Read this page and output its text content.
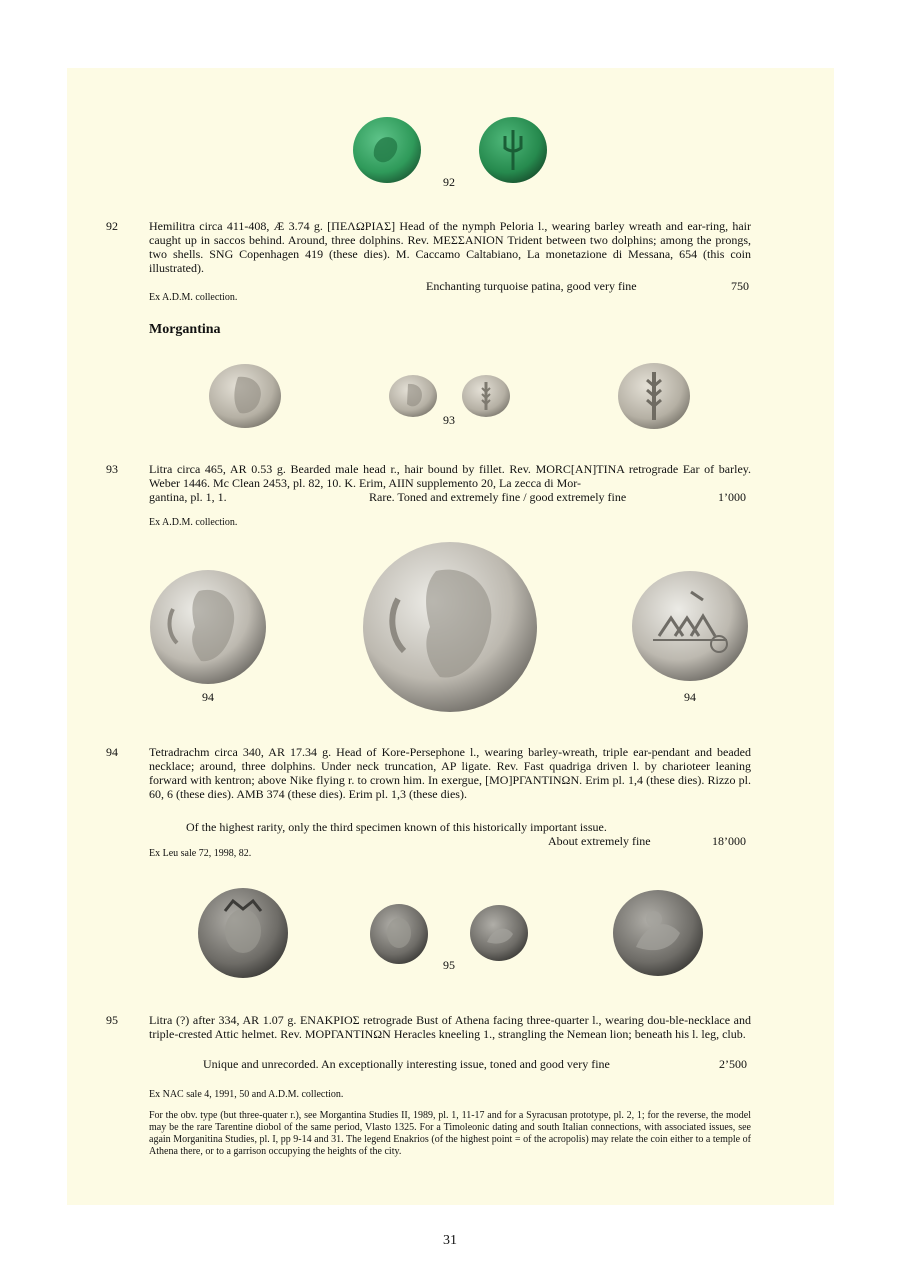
92
92	Hemilitra circa 411-408, Æ 3.74 g. [ΠΕΛΩΡΙΑΣ] Head of the nymph Peloria l., wearing barley wreath and ear-ring, hair caught up in saccos behind. Around, three dolphins. Rev. ΜΕΣΣΑΝΙΟΝ Trident between two dolphins; among the prongs, two shells. SNG Copenhagen 419 (these dies). M. Caccamo Caltabiano, La monetazione di Messana, 654 (this coin illustrated).
Enchanting turquoise patina, good very fine	750
Ex A.D.M. collection.
Morgantina
93
93	Litra circa 465, AR 0.53 g. Bearded male head r., hair bound by fillet. Rev. MORC[AN]TINA retrograde Ear of barley. Weber 1446. Mc Clean 2453, pl. 82, 10. K. Erim, AIIN supplemento 20, La zecca di Mor-
gantina, pl. 1, 1.	Rare. Toned and extremely fine / good extremely fine	1’000
Ex A.D.M. collection.
94	94
94	Tetradrachm circa 340, AR 17.34 g. Head of Kore-Persephone l., wearing barley-wreath, triple ear-pendant and beaded necklace; around, three dolphins. Under neck truncation, AP ligate. Rev. Fast quadriga driven l. by charioteer leaning forward with kentron; above Nike flying r. to crown him. In exergue, [ΜΟ]ΡΓΑΝΤΙΝΩΝ. Erim pl. 1,4 (these dies). Rizzo pl. 60, 6 (these dies). AMB 374 (these dies). Erim pl. 1,3 (these dies).
Of the highest rarity, only the third specimen known of this historically important issue.
About extremely fine	18’000
Ex Leu sale 72, 1998, 82.
95
95	Litra (?) after 334, AR 1.07 g. ΕΝΑΚΡΙΟΣ retrograde Bust of Athena facing three-quarter l., wearing dou-ble-necklace and triple-crested Attic helmet. Rev. ΜΟΡΓΑΝΤΙΝΩΝ Heracles kneeling 1., strangling the Nemean lion; beneath his l. leg, club.
Unique and unrecorded. An exceptionally interesting issue, toned and good very fine	2’500
Ex NAC sale 4, 1991, 50 and A.D.M. collection.
For the obv. type (but three-quater r.), see Morgantina Studies II, 1989, pl. 1, 11-17 and for a Syracusan prototype, pl. 2, 1; for the reverse, the model may be the rare Tarentine diobol of the same period, Vlasto 1325. For a Timoleonic dating and south Italian connections, with associated issues, see again Morganitina Studies, pl. I, pp 9-14 and 31. The legend Enakrios (of the highest point = of the acropolis) may relate the coin either to a temple of Athena there, or to a garrison occupying the heights of the city.
31
